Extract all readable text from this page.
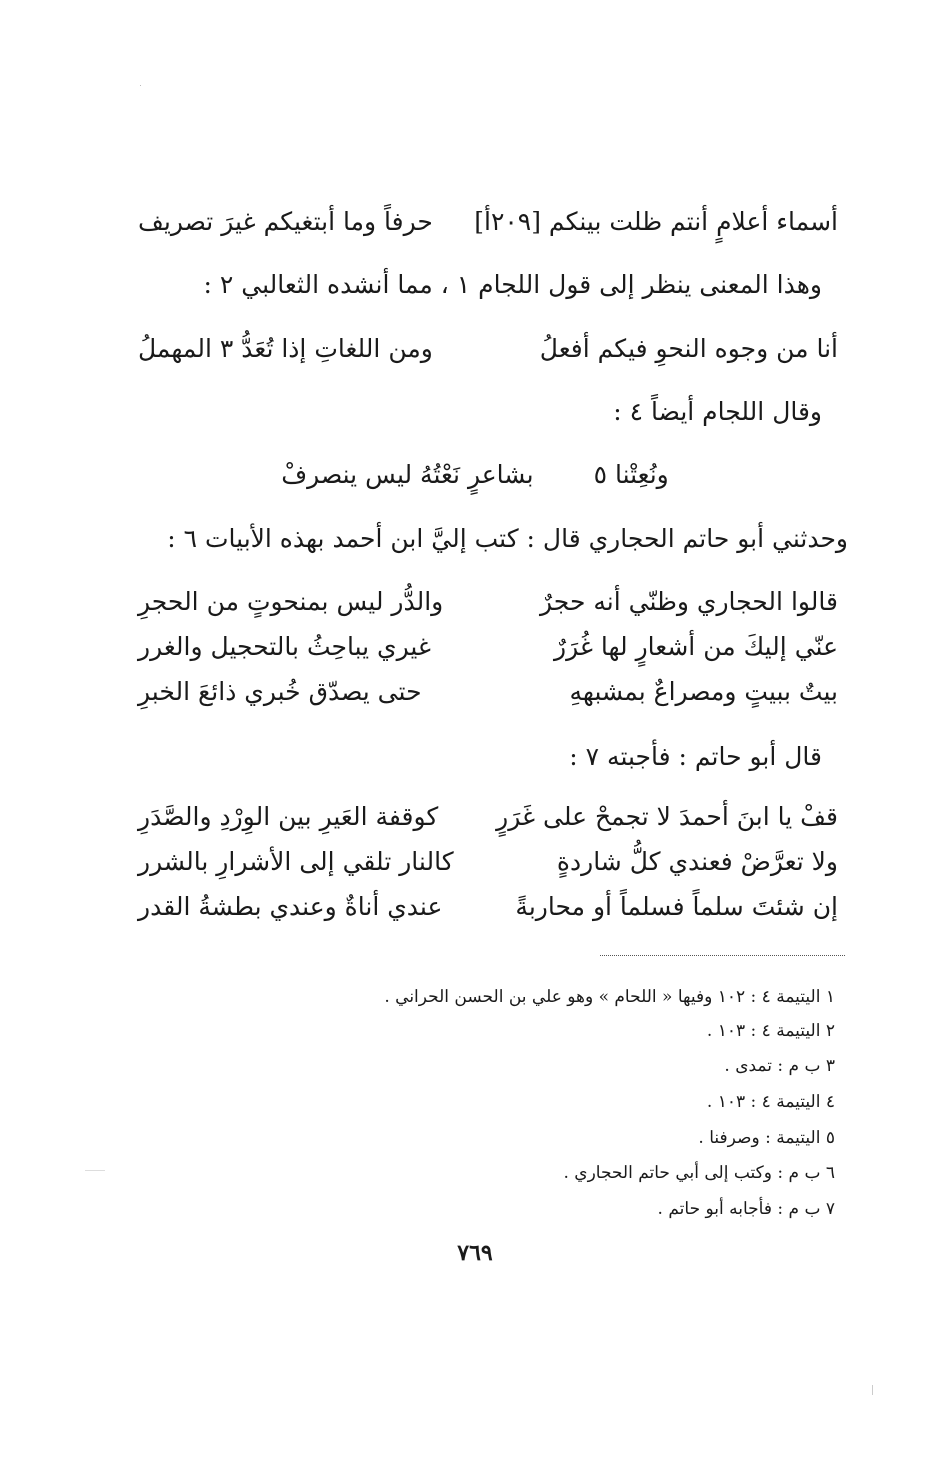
أسماء أعلامٍ أنتم ظلت بينكم [٢٠٩أ]
حرفاً وما أبتغيكم غيرَ تصريف
وهذا المعنى ينظر إلى قول اللجام ١ ، مما أنشده الثعالبي ٢ :
أنا من وجوه النحوِ فيكم أفعلُ
ومن اللغاتِ إذا تُعَدُّ ٣ المهملُ
وقال اللجام أيضاً ٤ :
ونُعِتْنا ٥بشاعرٍ نَعْتُهُ ليس ينصرفْ
وحدثني أبو حاتم الحجاري قال : كتب إليَّ ابن أحمد بهذه الأبيات ٦ :
قالوا الحجاري وظنّي أنه حجرٌ
والدُّر ليس بمنحوتٍ من الحجرِ
عنّي إليكَ من أشعارٍ لها غُرَرٌ
غيري يباحِثُ بالتحجيل والغرر
بيتٌ ببيتٍ ومصراعٌ بمشبههِ
حتى يصدّق خُبري ذائعَ الخبرِ
قال أبو حاتم : فأجبته ٧ :
قفْ يا ابنَ أحمدَ لا تجمحْ على غَرَرٍ
كوقفة العَيرِ بين الوِرْدِ والصَّدَرِ
ولا تعرَّضْ فعندي كلُّ شاردةٍ
كالنار تلقي إلى الأشرارِ بالشرر
إن شئتَ سلماً فسلماً أو محاربةً
عندي أناةٌ وعندي بطشةُ القدر
١ اليتيمة ٤ : ١٠٢ وفيها « اللحام » وهو علي بن الحسن الحراني .
٢ اليتيمة ٤ : ١٠٣ .
٣ ب م : تمدى .
٤ اليتيمة ٤ : ١٠٣ .
٥ اليتيمة : وصرفنا .
٦ ب م : وكتب إلى أبي حاتم الحجاري .
٧ ب م : فأجابه أبو حاتم .
٧٦٩
